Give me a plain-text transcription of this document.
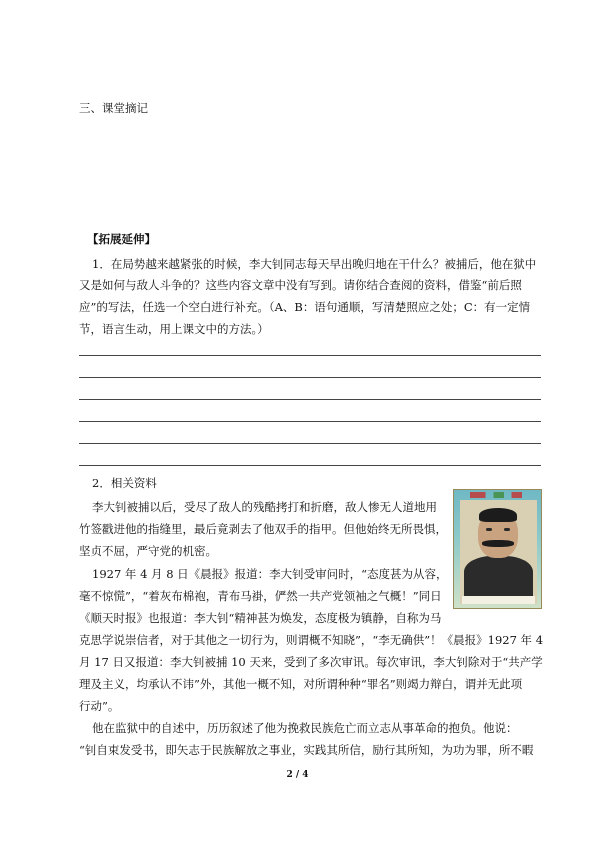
三、课堂摘记
【拓展延伸】
1．在局势越来越紧张的时候，李大钊同志每天早出晚归地在干什么？被捕后，他在狱中
又是如何与敌人斗争的？这些内容文章中没有写到。请你结合查阅的资料，借鉴“前后照
应”的写法，任选一个空白进行补充。（A、B：语句通顺，写清楚照应之处；C：有一定情
节，语言生动，用上课文中的方法。）
2．相关资料
李大钊被捕以后，受尽了敌人的残酷拷打和折磨，敌人惨无人道地用
竹签戳进他的指缝里，最后竟剥去了他双手的指甲。但他始终无所畏惧，
坚贞不屈，严守党的机密。
1927 年 4 月 8 日《晨报》报道：李大钊受审问时，“态度甚为从容，
毫不惊慌”，“着灰布棉袍，青布马褂，俨然一共产党领袖之气概！”同日
《顺天时报》也报道：李大钊“精神甚为焕发，态度极为镇静，自称为马
克思学说崇信者，对于其他之一切行为，则谓概不知晓”，“李无确供”！《晨报》1927 年 4
月 17 日又报道：李大钊被捕 10 天来，受到了多次审讯。每次审讯，李大钊除对于“共产学
理及主义，均承认不讳”外，其他一概不知，对所谓种种“罪名”则竭力辩白，谓并无此项
行动”。
他在监狱中的自述中，历历叙述了他为挽救民族危亡而立志从事革命的抱负。他说：
“钊自束发受书，即矢志于民族解放之事业，实践其所信，励行其所知，为功为罪，所不暇
2 / 4
